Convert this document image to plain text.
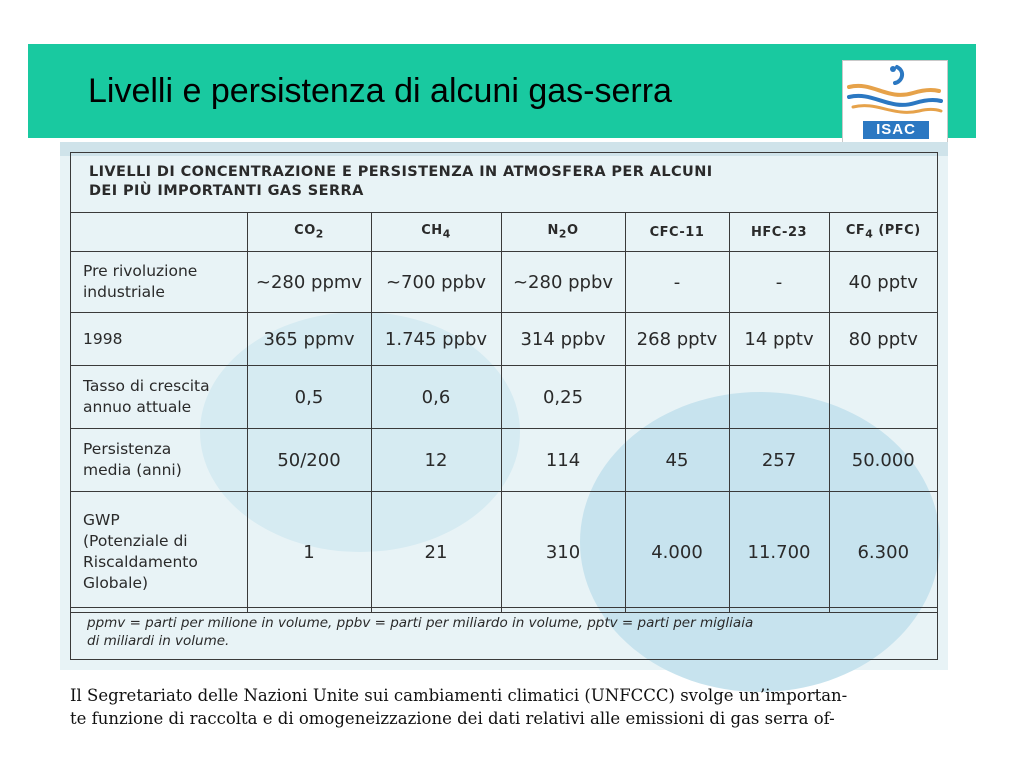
Livelli e persistenza di alcuni gas-serra
ISAC
LIVELLI DI CONCENTRAZIONE E PERSISTENZA IN ATMOSFERA PER ALCUNI
DEI PIÙ IMPORTANTI GAS SERRA
	$CO_2$	$CH_4$	$N_2O$	CFC-11	HFC-23	$CF_4$ (PFC)

Pre rivoluzione
industriale	~280 ppmv	~700 ppbv	~280 ppbv	-	-	40 pptv

1998	365 ppmv	1.745 ppbv	314 ppbv	268 pptv	14 pptv	80 pptv

Tasso di crescita
annuo attuale	0,5	0,6	0,25			

Persistenza
media (anni)	50/200	12	114	45	257	50.000

GWP
(Potenziale di
Riscaldamento
Globale)	1	21	310	4.000	11.700	6.300
ppmv = parti per milione in volume, ppbv = parti per miliardo in volume, pptv = parti per migliaia
di miliardi in volume.
Il Segretariato delle Nazioni Unite sui cambiamenti climatici (UNFCCC) svolge un’importan-
te funzione di raccolta e di omogeneizzazione dei dati relativi alle emissioni di gas serra of-
